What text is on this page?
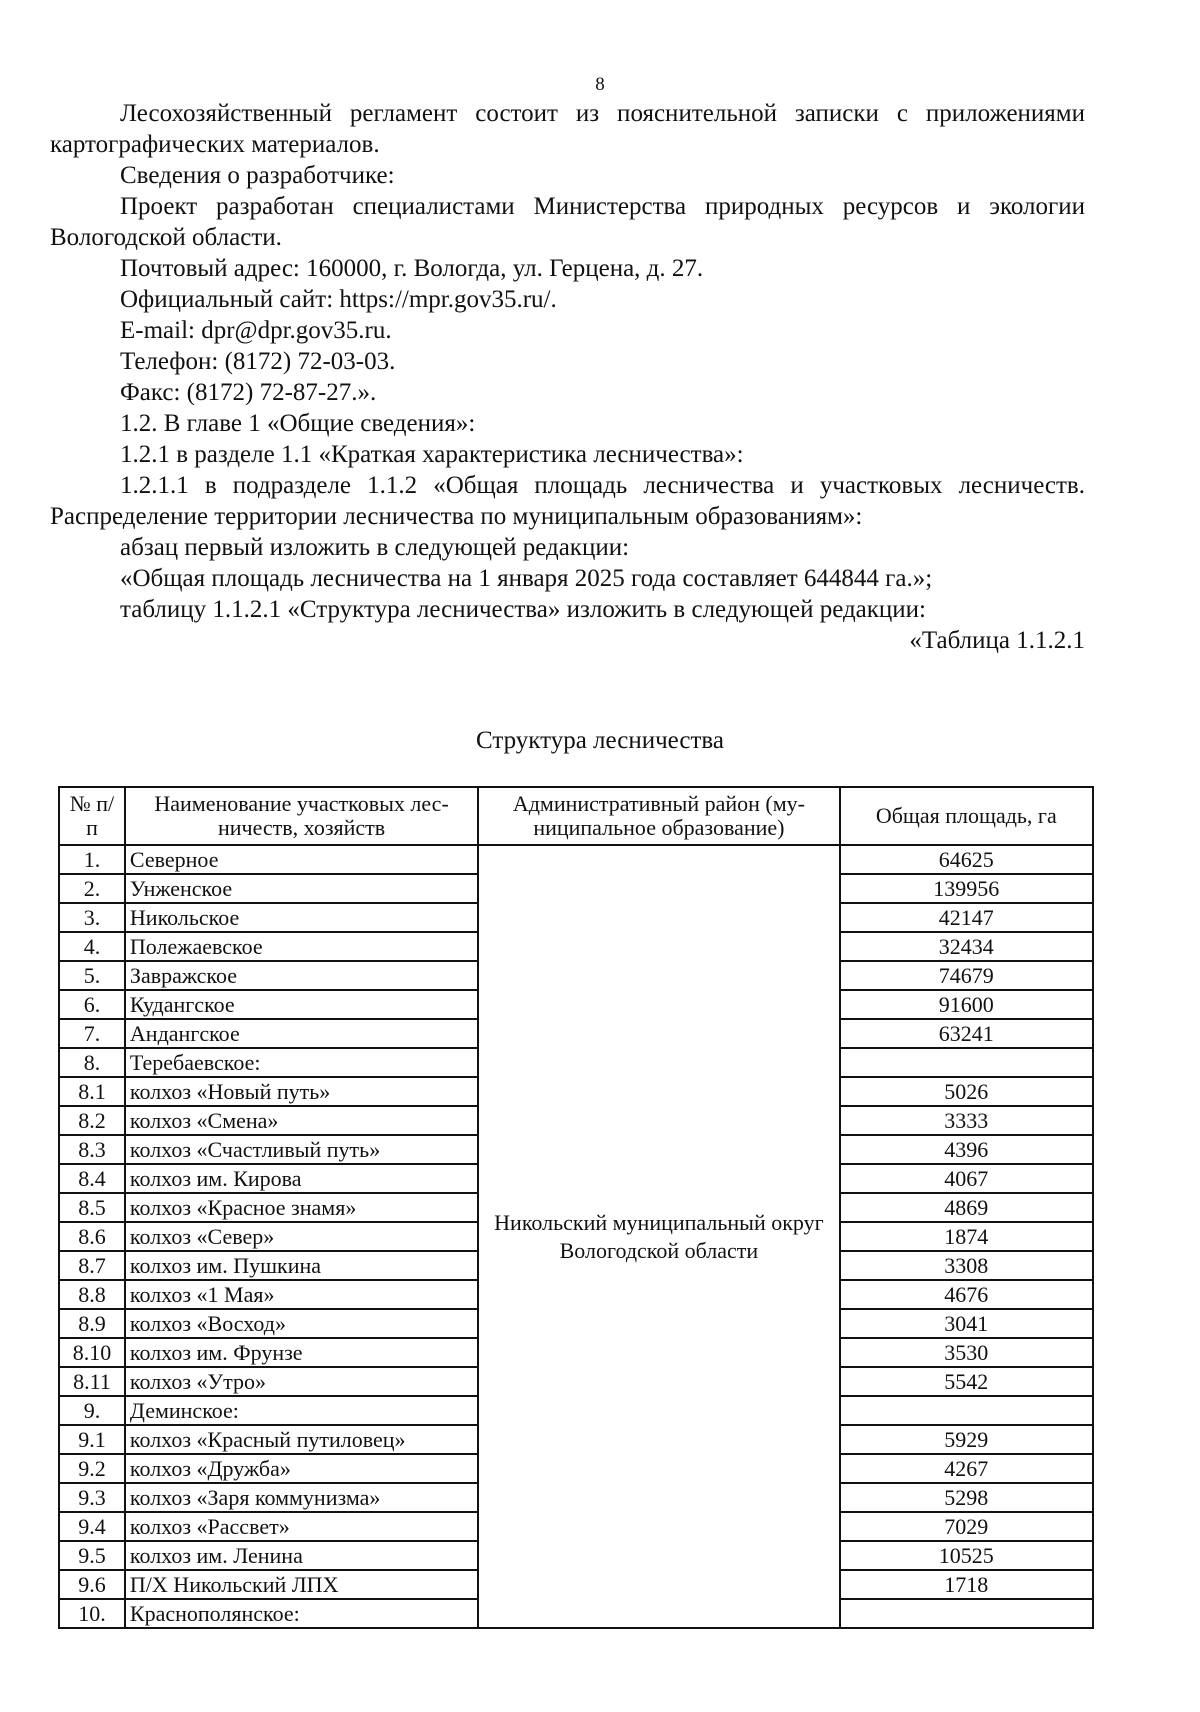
8

Лесохозяйственный регламент состоит из пояснительной записки с приложениями картографических материалов.

Сведения о разработчике:

Проект разработан специалистами Министерства природных ресурсов и экологии Вологодской области.

Почтовый адрес: 160000, г. Вологда, ул. Герцена, д. 27.

Официальный сайт: https://mpr.gov35.ru/.

E-mail: dpr@dpr.gov35.ru.

Телефон: (8172) 72-03-03.

Факс: (8172) 72-87-27.».

1.2. В главе 1 «Общие сведения»:

1.2.1 в разделе 1.1 «Краткая характеристика лесничества»:

1.2.1.1 в подразделе 1.1.2 «Общая площадь лесничества и участковых лесничеств. Распределение территории лесничества по муниципальным образованиям»:

абзац первый изложить в следующей редакции:

«Общая площадь лесничества на 1 января 2025 года составляет 644844 га.»;

таблицу 1.1.2.1 «Структура лесничества» изложить в следующей редакции:

«Таблица 1.1.2.1

Структура лесничества
№ п/п	Наименование участковых лес-ничеств, хозяйств	Административный район (му-ниципальное образование)	Общая площадь, га
1.	Северное	Никольский муниципальный округ Вологодской области	64625
2.	Унженское		139956
3.	Никольское		42147
4.	Полежаевское		32434
5.	Завражское		74679
6.	Кудангское		91600
7.	Андангское		63241
8.	Теребаевское:		
8.1	колхоз «Новый путь»		5026
8.2	колхоз «Смена»		3333
8.3	колхоз «Счастливый путь»		4396
8.4	колхоз им. Кирова		4067
8.5	колхоз «Красное знамя»		4869
8.6	колхоз «Север»		1874
8.7	колхоз им. Пушкина		3308
8.8	колхоз «1 Мая»		4676
8.9	колхоз «Восход»		3041
8.10	колхоз им. Фрунзе		3530
8.11	колхоз «Утро»		5542
9.	Деминское:		
9.1	колхоз «Красный путиловец»		5929
9.2	колхоз «Дружба»		4267
9.3	колхоз «Заря коммунизма»		5298
9.4	колхоз «Рассвет»		7029
9.5	колхоз им. Ленина		10525
9.6	П/Х Никольский ЛПХ		1718
10.	Краснополянское:		
